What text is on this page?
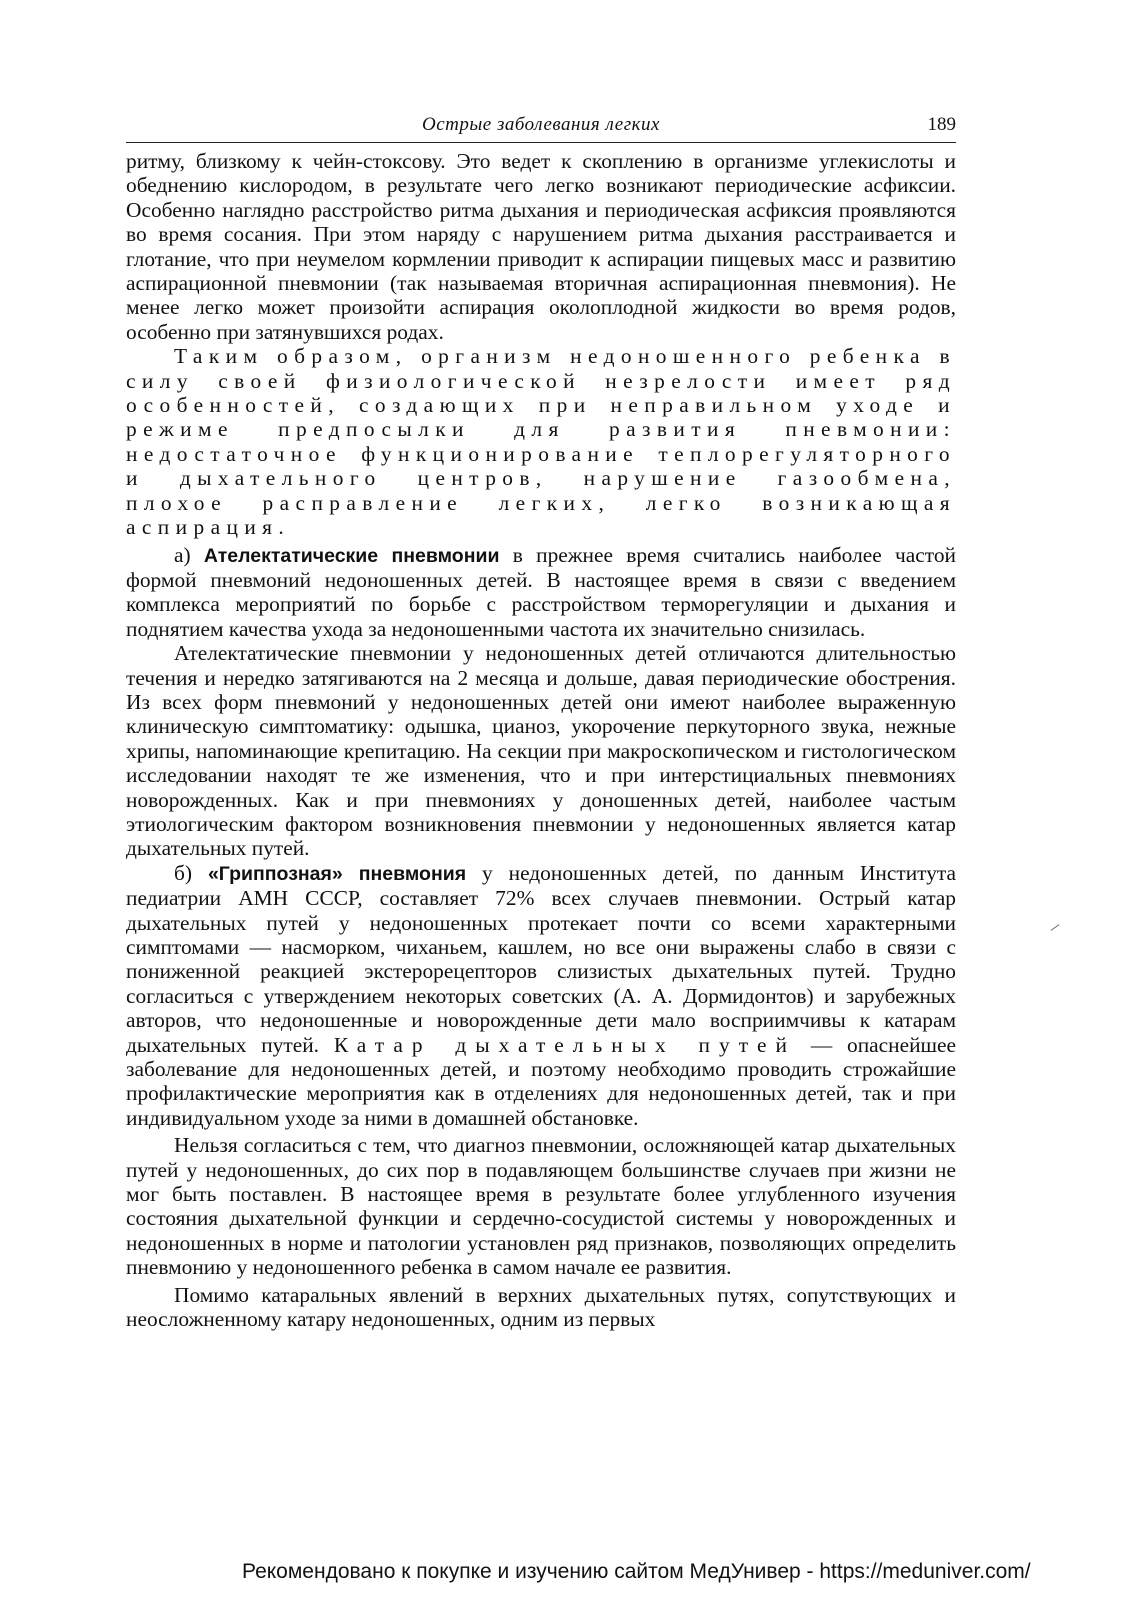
Острые заболевания легких	189

ритму, близкому к чейн-стоксову. Это ведет к скоплению в организме углекислоты и обеднению кислородом, в результате чего легко возникают периодические асфиксии. Особенно наглядно расстройство ритма дыхания и периодическая асфиксия проявляются во время сосания. При этом наряду с нарушением ритма дыхания расстраивается и глотание, что при неумелом кормлении приводит к аспирации пищевых масс и развитию аспирационной пневмонии (так называемая вторичная аспирационная пневмония). Не менее легко может произойти аспирация околоплодной жидкости во время родов, особенно при затянувшихся родах.

Таким образом, организм недоношенного ребенка в силу своей физиологической незрелости имеет ряд особенностей, создающих при неправильном уходе и режиме предпосылки для развития пневмонии: недостаточное функционирование теплорегуляторного и дыхательного центров, нарушение газообмена, плохое расправление легких, легко возникающая аспирация.

а) Ателектатические пневмонии в прежнее время считались наиболее частой формой пневмоний недоношенных детей. В настоящее время в связи с введением комплекса мероприятий по борьбе с расстройством терморегуляции и дыхания и поднятием качества ухода за недоношенными частота их значительно снизилась.

Ателектатические пневмонии у недоношенных детей отличаются длительностью течения и нередко затягиваются на 2 месяца и дольше, давая периодические обострения. Из всех форм пневмоний у недоношенных детей они имеют наиболее выраженную клиническую симптоматику: одышка, цианоз, укорочение перкуторного звука, нежные хрипы, напоминающие крепитацию. На секции при макроскопическом и гистологическом исследовании находят те же изменения, что и при интерстициальных пневмониях новорожденных. Как и при пневмониях у доношенных детей, наиболее частым этиологическим фактором возникновения пневмонии у недоношенных является катар дыхательных путей.

б) «Гриппозная» пневмония у недоношенных детей, по данным Института педиатрии АМН СССР, составляет 72% всех случаев пневмонии. Острый катар дыхательных путей у недоношенных протекает почти со всеми характерными симптомами — насморком, чиханьем, кашлем, но все они выражены слабо в связи с пониженной реакцией экстерорецепторов слизистых дыхательных путей. Трудно согласиться с утверждением некоторых советских (А. А. Дормидонтов) и зарубежных авторов, что недоношенные и новорожденные дети мало восприимчивы к катарам дыхательных путей. Катар дыхательных путей — опаснейшее заболевание для недоношенных детей, и поэтому необходимо проводить строжайшие профилактические мероприятия как в отделениях для недоношенных детей, так и при индивидуальном уходе за ними в домашней обстановке.

Нельзя согласиться с тем, что диагноз пневмонии, осложняющей катар дыхательных путей у недоношенных, до сих пор в подавляющем большинстве случаев при жизни не мог быть поставлен. В настоящее время в результате более углубленного изучения состояния дыхательной функции и сердечно-сосудистой системы у новорожденных и недоношенных в норме и патологии установлен ряд признаков, позволяющих определить пневмонию у недоношенного ребенка в самом начале ее развития.

Помимо катаральных явлений в верхних дыхательных путях, сопутствующих и неосложненному катару недоношенных, одним из первых

Рекомендовано к покупке и изучению сайтом МедУнивер - https://meduniver.com/
